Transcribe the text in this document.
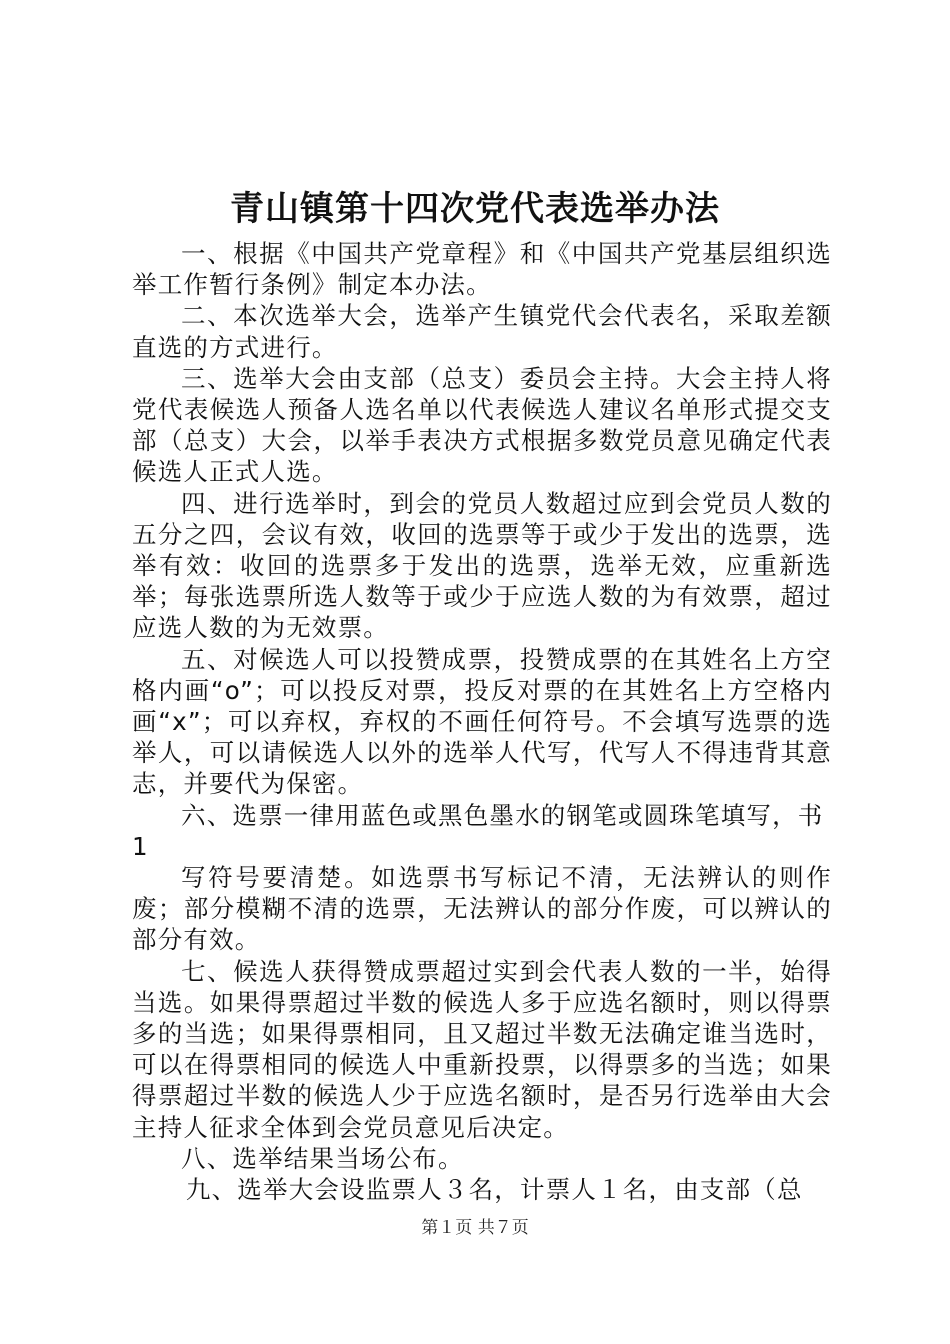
青山镇第十四次党代表选举办法

一、根据《中国共产党章程》和《中国共产党基层组织选举工作暂行条例》制定本办法。

二、本次选举大会，选举产生镇党代会代表名，采取差额直选的方式进行。

三、选举大会由支部（总支）委员会主持。大会主持人将党代表候选人预备人选名单以代表候选人建议名单形式提交支部（总支）大会，以举手表决方式根据多数党员意见确定代表候选人正式人选。

四、进行选举时，到会的党员人数超过应到会党员人数的五分之四，会议有效，收回的选票等于或少于发出的选票，选举有效：收回的选票多于发出的选票，选举无效，应重新选举；每张选票所选人数等于或少于应选人数的为有效票，超过应选人数的为无效票。

五、对候选人可以投赞成票，投赞成票的在其姓名上方空格内画“o”；可以投反对票，投反对票的在其姓名上方空格内画“x”；可以弃权，弃权的不画任何符号。不会填写选票的选举人，可以请候选人以外的选举人代写，代写人不得违背其意志，并要代为保密。

六、选票一律用蓝色或黑色墨水的钢笔或圆珠笔填写，书

1

写符号要清楚。如选票书写标记不清，无法辨认的则作废；部分模糊不清的选票，无法辨认的部分作废，可以辨认的部分有效。

七、候选人获得赞成票超过实到会代表人数的一半，始得当选。如果得票超过半数的候选人多于应选名额时，则以得票多的当选；如果得票相同，且又超过半数无法确定谁当选时，可以在得票相同的候选人中重新投票，以得票多的当选；如果得票超过半数的候选人少于应选名额时，是否另行选举由大会主持人征求全体到会党员意见后决定。

八、选举结果当场公布。

九、选举大会设监票人３名，计票人１名，由支部（总

第１页 共７页
